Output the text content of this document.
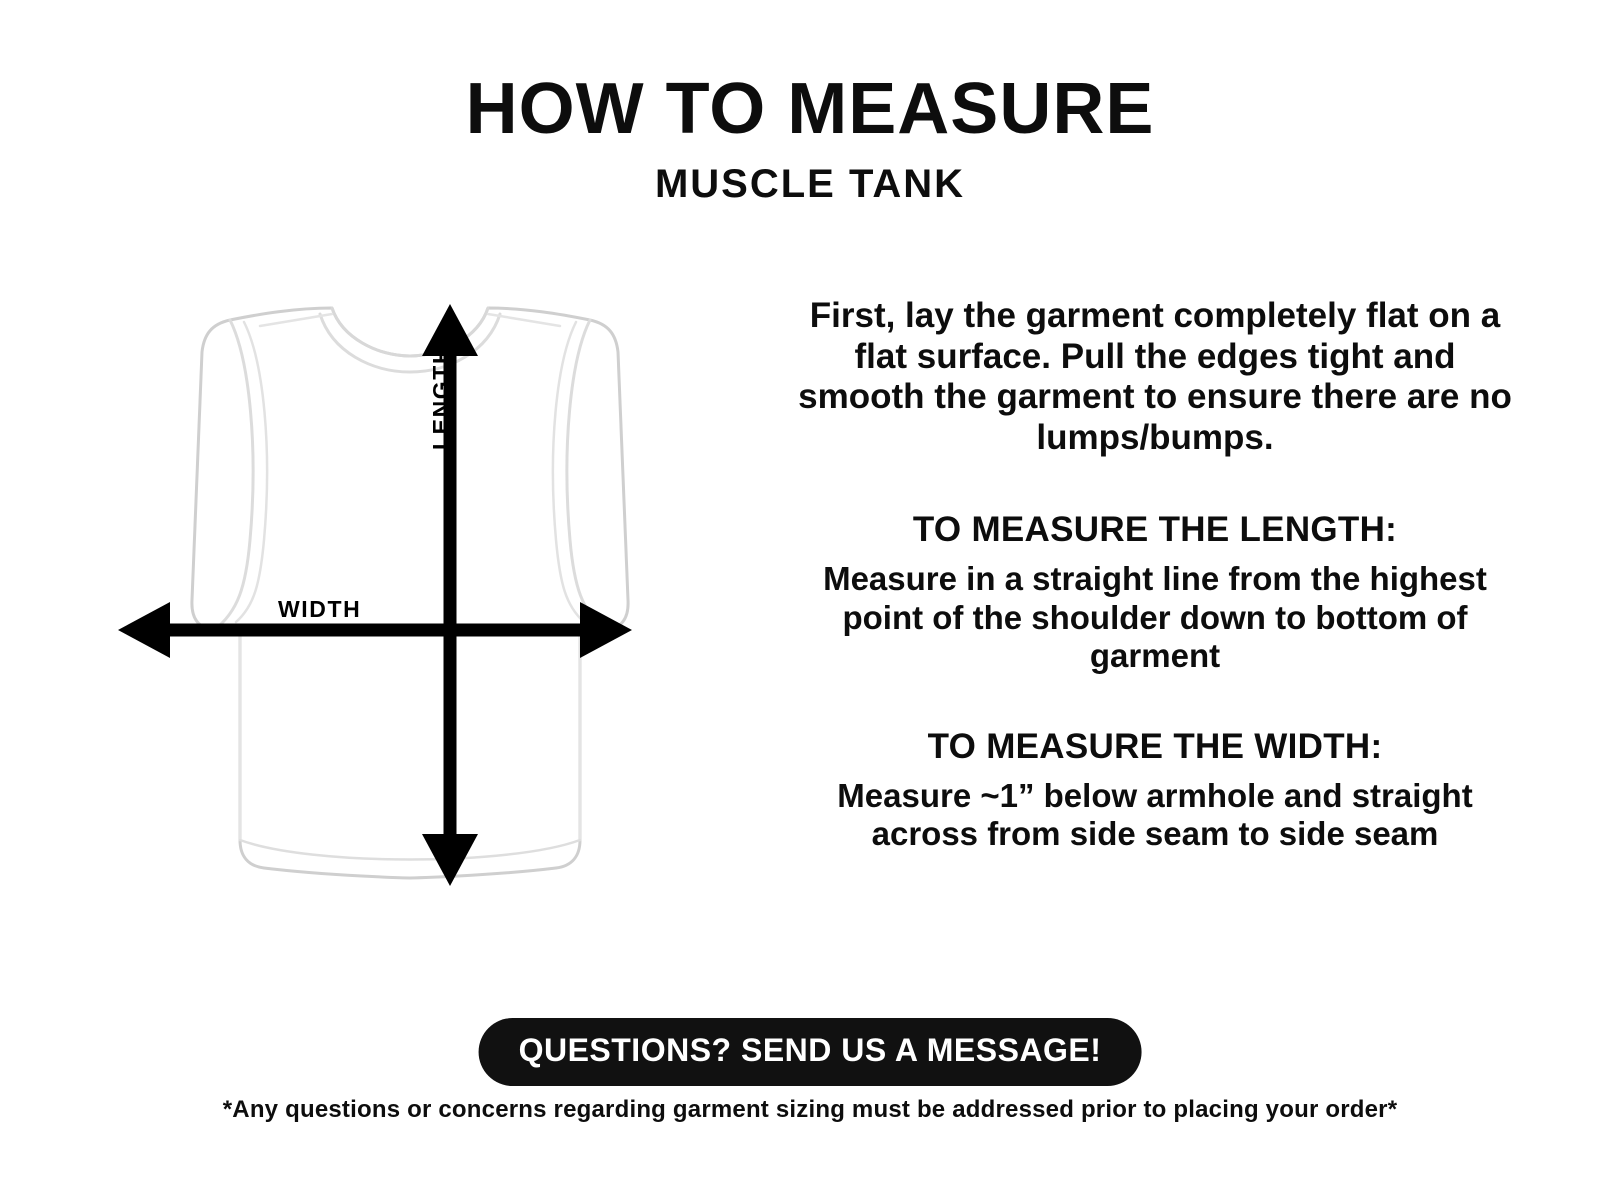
HOW TO MEASURE
MUSCLE TANK
WIDTH
LENGTH

First, lay the garment completely flat on a flat surface. Pull the edges tight and smooth the garment to ensure there are no lumps/bumps.

TO MEASURE THE LENGTH:

Measure in a straight line from the highest point of the shoulder down to bottom of garment

TO MEASURE THE WIDTH:

Measure ~1” below armhole and straight across from side seam to side seam

QUESTIONS? SEND US A MESSAGE!
*Any questions or concerns regarding garment sizing must be addressed prior to placing your order*
